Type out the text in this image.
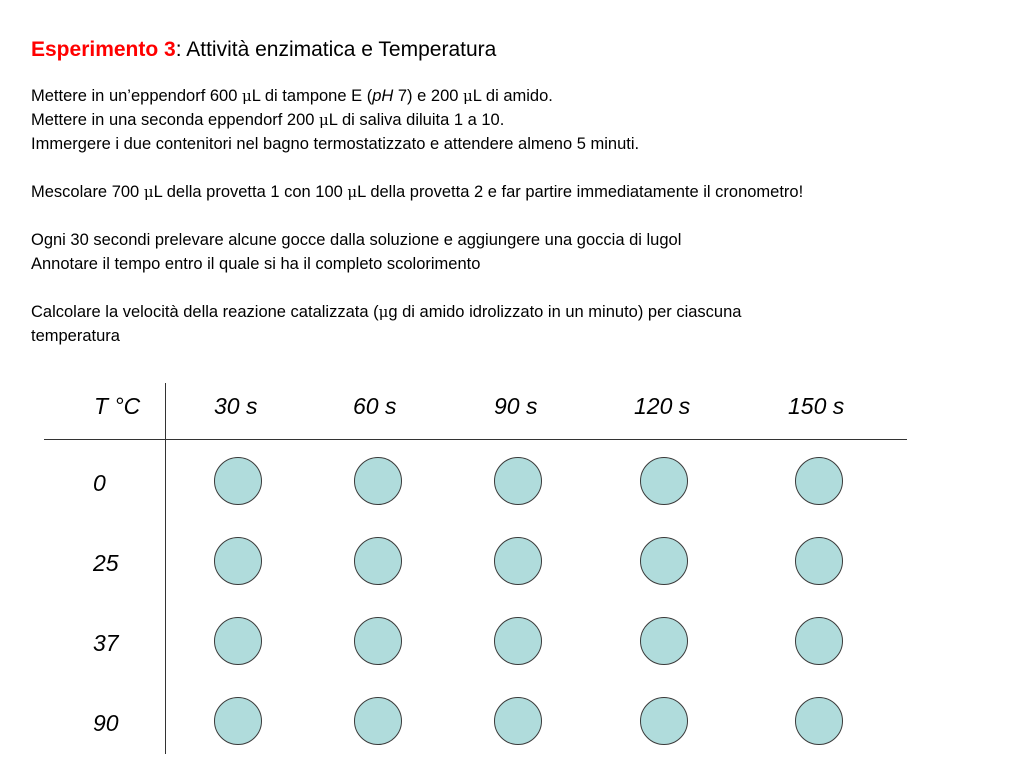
Esperimento 3: Attività enzimatica e Temperatura
Mettere in un’eppendorf 600 μL di tampone E (pH 7) e 200 μL di amido.
Mettere in una seconda eppendorf 200 μL di saliva diluita 1 a 10.
Immergere i due contenitori nel bagno termostatizzato e attendere almeno 5 minuti.
Mescolare 700 μL della provetta 1 con 100 μL della provetta 2 e far partire immediatamente il cronometro!
Ogni 30 secondi prelevare alcune gocce dalla soluzione e aggiungere una goccia di lugol
Annotare il tempo entro il quale si ha il completo scolorimento
Calcolare la velocità della reazione catalizzata (μg di amido idrolizzato in un minuto) per ciascuna
temperatura
T °C	30 s	60 s	90 s	120 s	150 s
0
25
37
90
